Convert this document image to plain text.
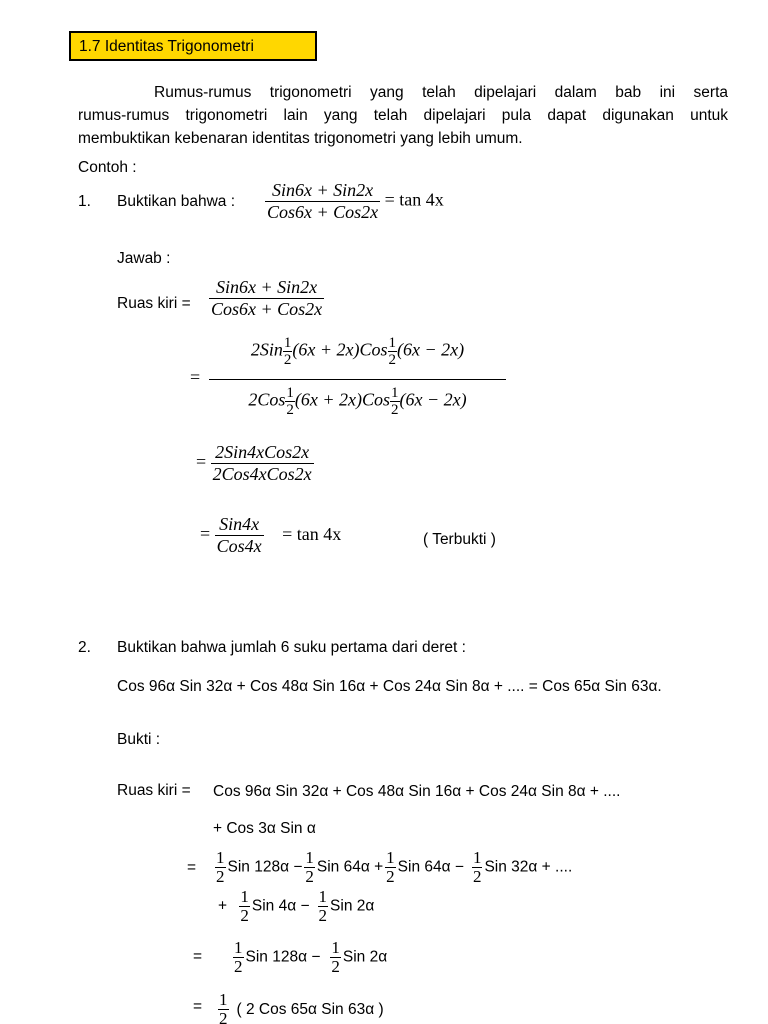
1.7 Identitas Trigonometri
Rumus-rumus trigonometri yang telah dipelajari dalam bab ini serta
rumus-rumus trigonometri lain yang telah dipelajari pula dapat digunakan untuk
membuktikan kebenaran identitas trigonometri yang lebih umum.
Contoh :
1. Buktikan bahwa : $\frac{\text{Sin6x + Sin2x}}{\text{Cos6x + Cos2x}} = \tan 4x$
Jawab :
Ruas kiri = $\frac{\text{Sin6x + Sin2x}}{\text{Cos6x + Cos2x}}$
=
$2Sin \frac{1}{2} (6x + 2x)Cos \frac{1}{2} (6x - 2x)$
$2Cos \frac{1}{2} (6x + 2x)Cos \frac{1}{2} (6x - 2x)$
= $\frac{\text{2Sin4xCos2x}}{\text{2Cos4xCos2x}}$
= $\frac{\text{Sin4x}}{\text{Cos4x}} = \tan 4x$	( Terbukti )
2. Buktikan bahwa jumlah 6 suku pertama dari deret :
Cos 96α Sin 32α + Cos 48α Sin 16α + Cos 24α Sin 8α + .... = Cos 65α Sin 63α.
Bukti :
Ruas kiri = Cos 96α Sin 32α + Cos 48α Sin 16α + Cos 24α Sin 8α + ....
+ Cos 3α Sin α
= $\frac{1}{2}$ Sin $128\alpha - \frac{1}{2}$ Sin $64\alpha + \frac{1}{2}$ Sin $64\alpha - \frac{1}{2}$ Sin 32α + ....
+ $\frac{1}{2}$ Sin $4\alpha - \frac{1}{2}$ Sin 2α
= $\frac{1}{2}$ Sin $128\alpha - \frac{1}{2}$ Sin 2α
= $\frac{1}{2}$ ( 2 Cos 65α Sin 63α )
